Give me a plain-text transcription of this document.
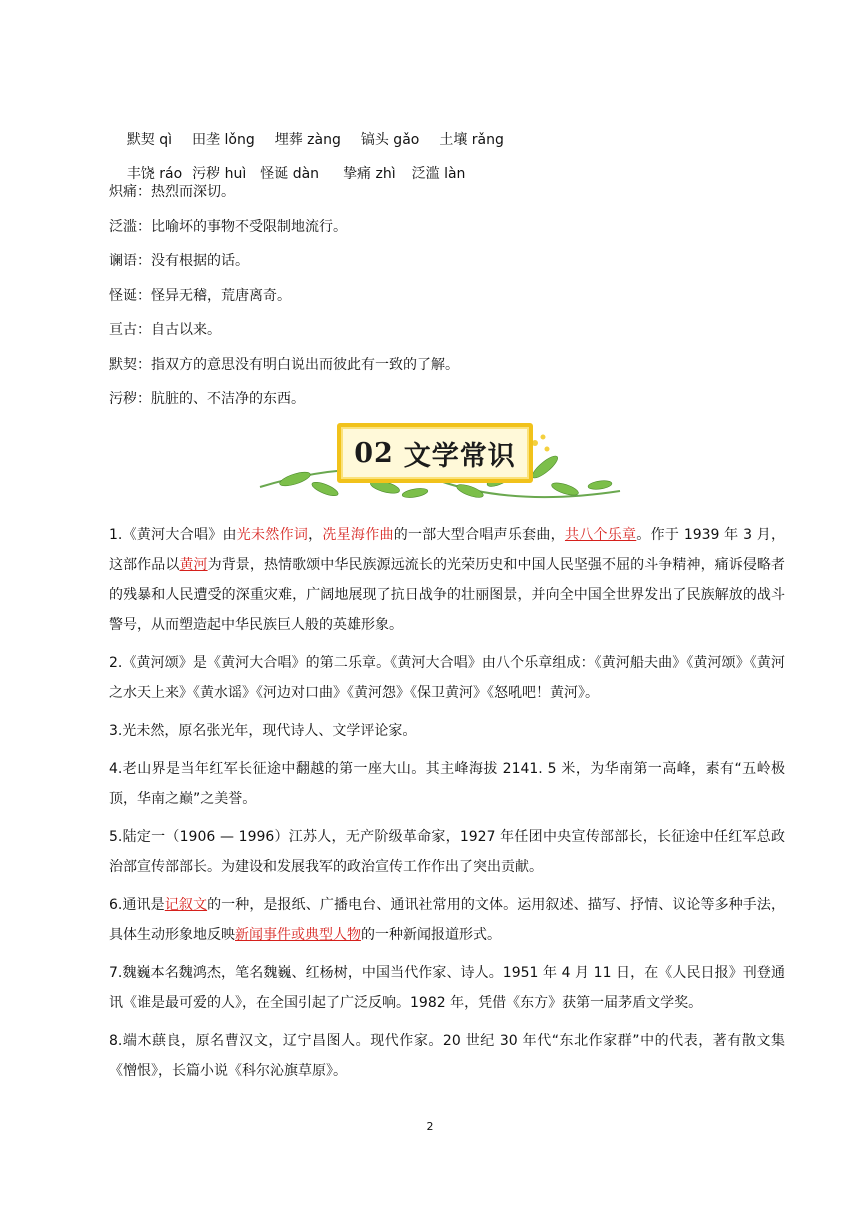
默契 qì 田垄 lǒng 埋葬 zàng 镐头 gǎo 土壤 rǎng

丰饶 ráo 污秽 huì 怪诞 dàn 挚痛 zhì 泛滥 làn

炽痛：热烈而深切。
泛滥：比喻坏的事物不受限制地流行。
谰语：没有根据的话。
怪诞：怪异无稽，荒唐离奇。
亘古：自古以来。
默契：指双方的意思没有明白说出而彼此有一致的了解。
污秽：肮脏的、不洁净的东西。
02 文学常识

1.《黄河大合唱》由光未然作词，冼星海作曲的一部大型合唱声乐套曲，共八个乐章。作于 1939 年 3 月，这部作品以黄河为背景，热情歌颂中华民族源远流长的光荣历史和中国人民坚强不屈的斗争精神，痛诉侵略者的残暴和人民遭受的深重灾难，广阔地展现了抗日战争的壮丽图景，并向全中国全世界发出了民族解放的战斗警号，从而塑造起中华民族巨人般的英雄形象。

2.《黄河颂》是《黄河大合唱》的第二乐章。《黄河大合唱》由八个乐章组成：《黄河船夫曲》《黄河颂》《黄河之水天上来》《黄水谣》《河边对口曲》《黄河怨》《保卫黄河》《怒吼吧！黄河》。

3.光未然，原名张光年，现代诗人、文学评论家。

4.老山界是当年红军长征途中翻越的第一座大山。其主峰海拔 2141. 5 米，为华南第一高峰，素有“五岭极顶，华南之巅”之美誉。

5.陆定一（1906 — 1996）江苏人，无产阶级革命家，1927 年任团中央宣传部部长，长征途中任红军总政治部宣传部部长。为建设和发展我军的政治宣传工作作出了突出贡献。

6.通讯是记叙文的一种，是报纸、广播电台、通讯社常用的文体。运用叙述、描写、抒情、议论等多种手法，具体生动形象地反映新闻事件或典型人物的一种新闻报道形式。

7.魏巍本名魏鸿杰，笔名魏巍、红杨树，中国当代作家、诗人。1951 年 4 月 11 日，在《人民日报》刊登通讯《谁是最可爱的人》，在全国引起了广泛反响。1982 年，凭借《东方》获第一届茅盾文学奖。

8.端木蕻良，原名曹汉文，辽宁昌图人。现代作家。20 世纪 30 年代“东北作家群”中的代表，著有散文集《憎恨》，长篇小说《科尔沁旗草原》。

2
